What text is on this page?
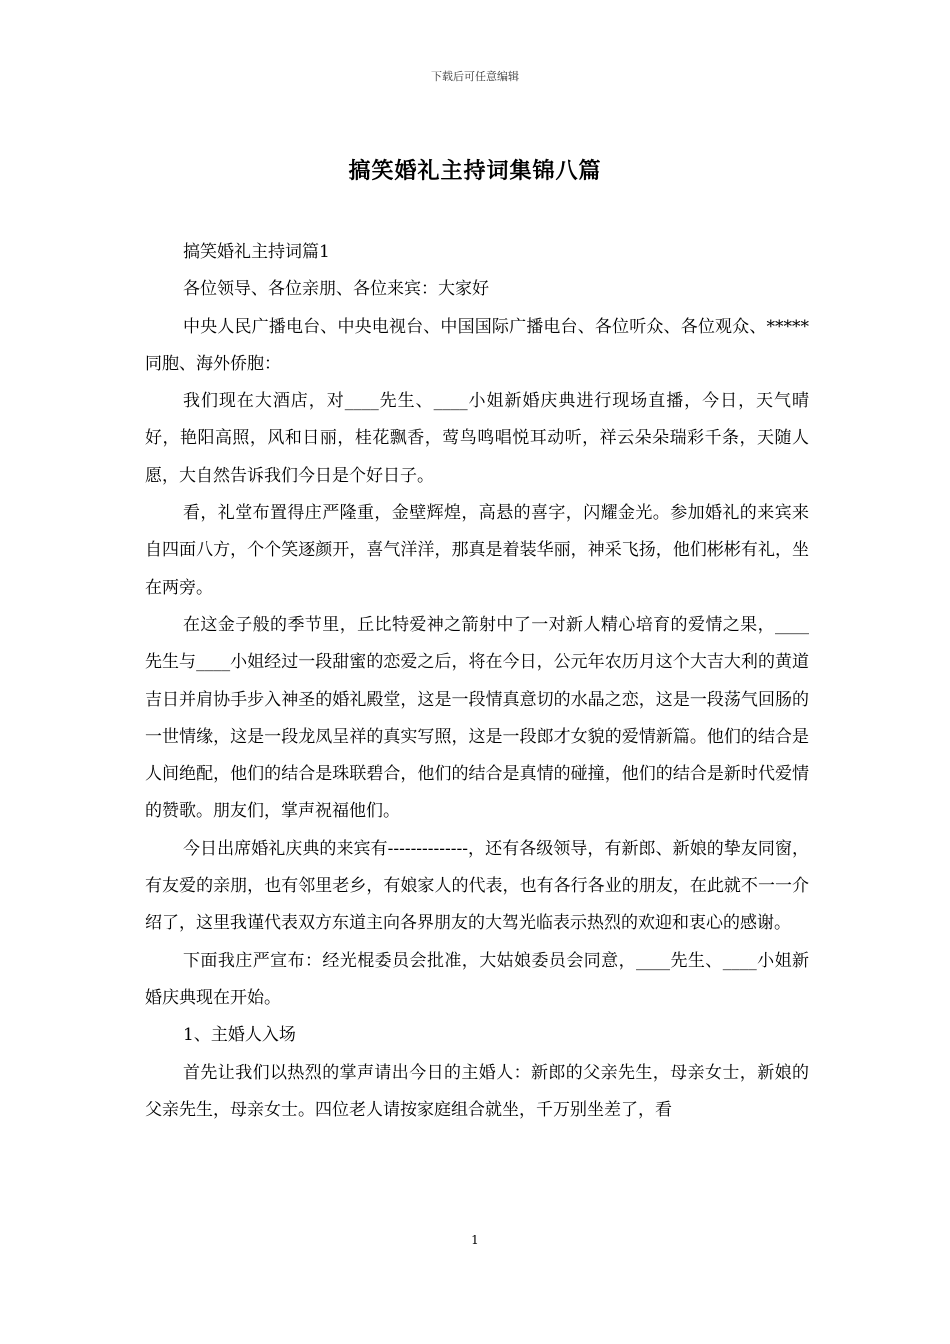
下载后可任意编辑
搞笑婚礼主持词集锦八篇

搞笑婚礼主持词篇1

各位领导、各位亲朋、各位来宾：大家好

中央人民广播电台、中央电视台、中国国际广播电台、各位听众、各位观众、*****同胞、海外侨胞：

我们现在大酒店，对____先生、____小姐新婚庆典进行现场直播，今日，天气晴好，艳阳高照，风和日丽，桂花飘香，莺鸟鸣唱悦耳动听，祥云朵朵瑞彩千条，天随人愿，大自然告诉我们今日是个好日子。

看，礼堂布置得庄严隆重，金壁辉煌，高悬的喜字，闪耀金光。参加婚礼的来宾来自四面八方，个个笑逐颜开，喜气洋洋，那真是着装华丽，神采飞扬，他们彬彬有礼，坐在两旁。

在这金子般的季节里，丘比特爱神之箭射中了一对新人精心培育的爱情之果，____先生与____小姐经过一段甜蜜的恋爱之后，将在今日，公元年农历月这个大吉大利的黄道吉日并肩协手步入神圣的婚礼殿堂，这是一段情真意切的水晶之恋，这是一段荡气回肠的一世情缘，这是一段龙凤呈祥的真实写照，这是一段郎才女貌的爱情新篇。他们的结合是人间绝配，他们的结合是珠联碧合，他们的结合是真情的碰撞，他们的结合是新时代爱情的赞歌。朋友们，掌声祝福他们。

今日出席婚礼庆典的来宾有--------------，还有各级领导，有新郎、新娘的挚友同窗，有友爱的亲朋，也有邻里老乡，有娘家人的代表，也有各行各业的朋友，在此就不一一介绍了，这里我谨代表双方东道主向各界朋友的大驾光临表示热烈的欢迎和衷心的感谢。

下面我庄严宣布：经光棍委员会批准，大姑娘委员会同意，____先生、____小姐新婚庆典现在开始。

1、主婚人入场

首先让我们以热烈的掌声请出今日的主婚人：新郎的父亲先生，母亲女士，新娘的父亲先生，母亲女士。四位老人请按家庭组合就坐，千万别坐差了，看

1
